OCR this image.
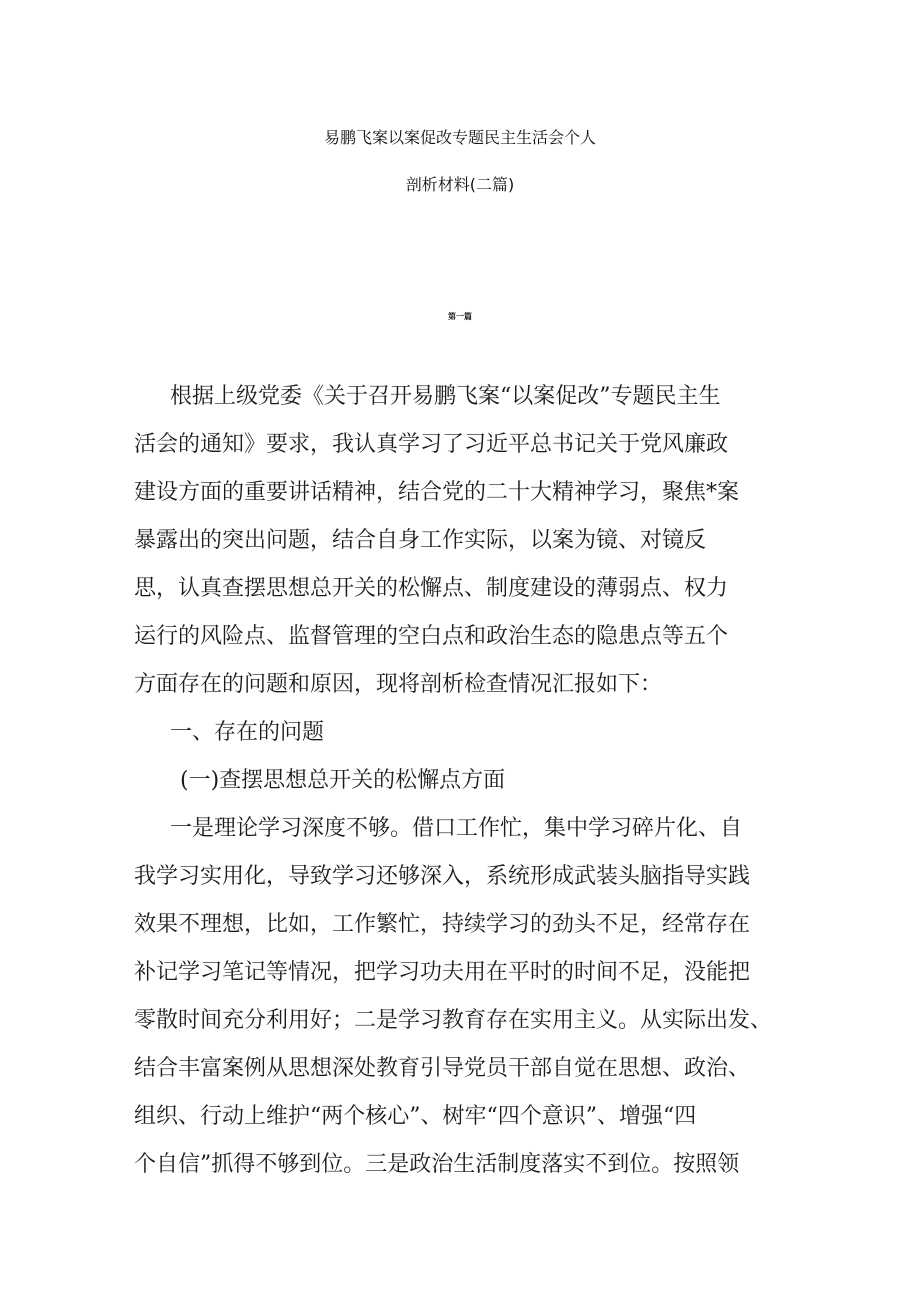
易鹏飞案以案促改专题民主生活会个人
剖析材料(二篇)
第一篇

根据上级党委《关于召开易鹏飞案“以案促改”专题民主生

活会的通知》要求，我认真学习了习近平总书记关于党风廉政

建设方面的重要讲话精神，结合党的二十大精神学习，聚焦*案

暴露出的突出问题，结合自身工作实际，以案为镜、对镜反

思，认真查摆思想总开关的松懈点、制度建设的薄弱点、权力

运行的风险点、监督管理的空白点和政治生态的隐患点等五个

方面存在的问题和原因，现将剖析检查情况汇报如下：

一、存在的问题

(一)查摆思想总开关的松懈点方面

一是理论学习深度不够。借口工作忙，集中学习碎片化、自

我学习实用化，导致学习还够深入，系统形成武装头脑指导实践

效果不理想，比如，工作繁忙，持续学习的劲头不足，经常存在

补记学习笔记等情况，把学习功夫用在平时的时间不足，没能把

零散时间充分利用好；二是学习教育存在实用主义。从实际出发、

结合丰富案例从思想深处教育引导党员干部自觉在思想、政治、

组织、行动上维护“两个核心”、树牢“四个意识”、增强“四

个自信”抓得不够到位。三是政治生活制度落实不到位。按照领
